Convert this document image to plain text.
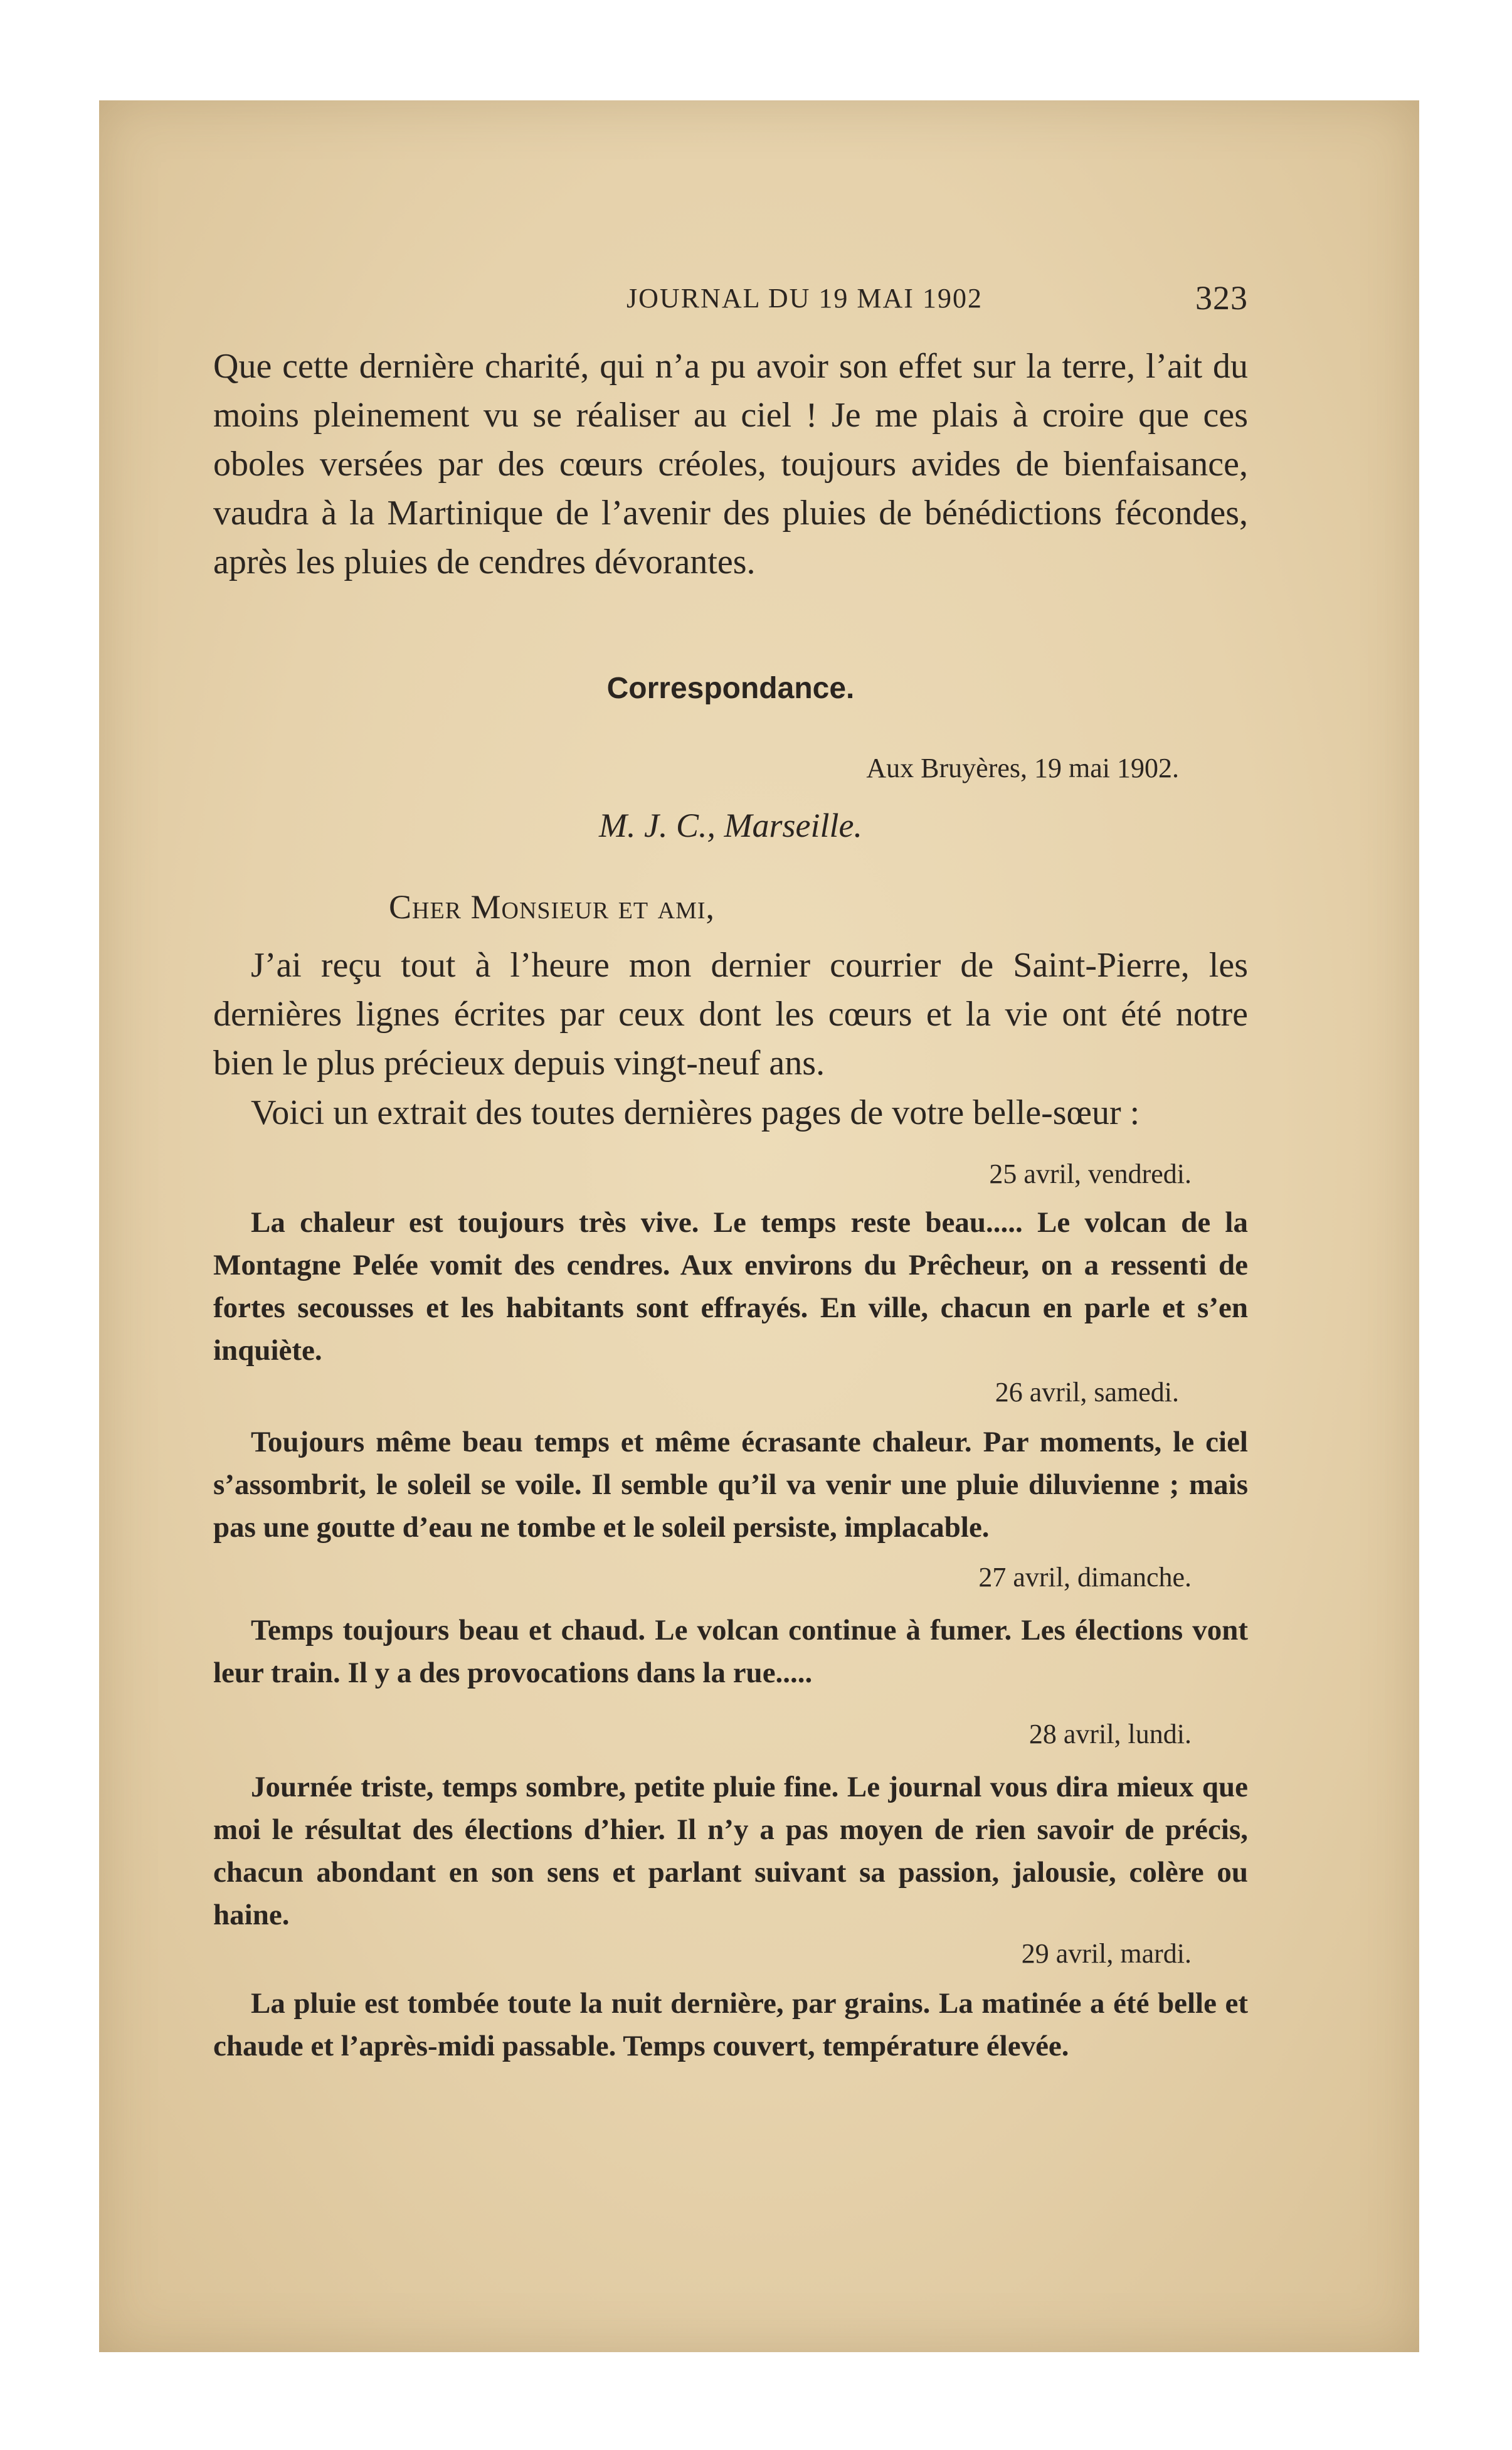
JOURNAL DU 19 MAI 1902	323

Que cette dernière charité, qui n’a pu avoir son effet sur la terre, l’ait du moins pleinement vu se réaliser au ciel ! Je me plais à croire que ces oboles versées par des cœurs créoles, toujours avides de bienfaisance, vaudra à la Martinique de l’avenir des pluies de bénédictions fécondes, après les pluies de cendres dévorantes.

Correspondance.

Aux Bruyères, 19 mai 1902.

M. J. C., Marseille.

Cher Monsieur et ami,

J’ai reçu tout à l’heure mon dernier courrier de Saint-Pierre, les dernières lignes écrites par ceux dont les cœurs et la vie ont été notre bien le plus précieux depuis vingt-neuf ans.

Voici un extrait des toutes dernières pages de votre belle-sœur :

25 avril, vendredi.

La chaleur est toujours très vive. Le temps reste beau..... Le volcan de la Montagne Pelée vomit des cendres. Aux environs du Prêcheur, on a ressenti de fortes secousses et les habitants sont effrayés. En ville, chacun en parle et s’en inquiète.

26 avril, samedi.

Toujours même beau temps et même écrasante chaleur. Par moments, le ciel s’assombrit, le soleil se voile. Il semble qu’il va venir une pluie diluvienne ; mais pas une goutte d’eau ne tombe et le soleil persiste, implacable.

27 avril, dimanche.

Temps toujours beau et chaud. Le volcan continue à fumer. Les élections vont leur train. Il y a des provocations dans la rue.....

28 avril, lundi.

Journée triste, temps sombre, petite pluie fine. Le journal vous dira mieux que moi le résultat des élections d’hier. Il n’y a pas moyen de rien savoir de précis, chacun abondant en son sens et parlant suivant sa passion, jalousie, colère ou haine.

29 avril, mardi.

La pluie est tombée toute la nuit dernière, par grains. La matinée a été belle et chaude et l’après-midi passable. Temps couvert, température élevée.
